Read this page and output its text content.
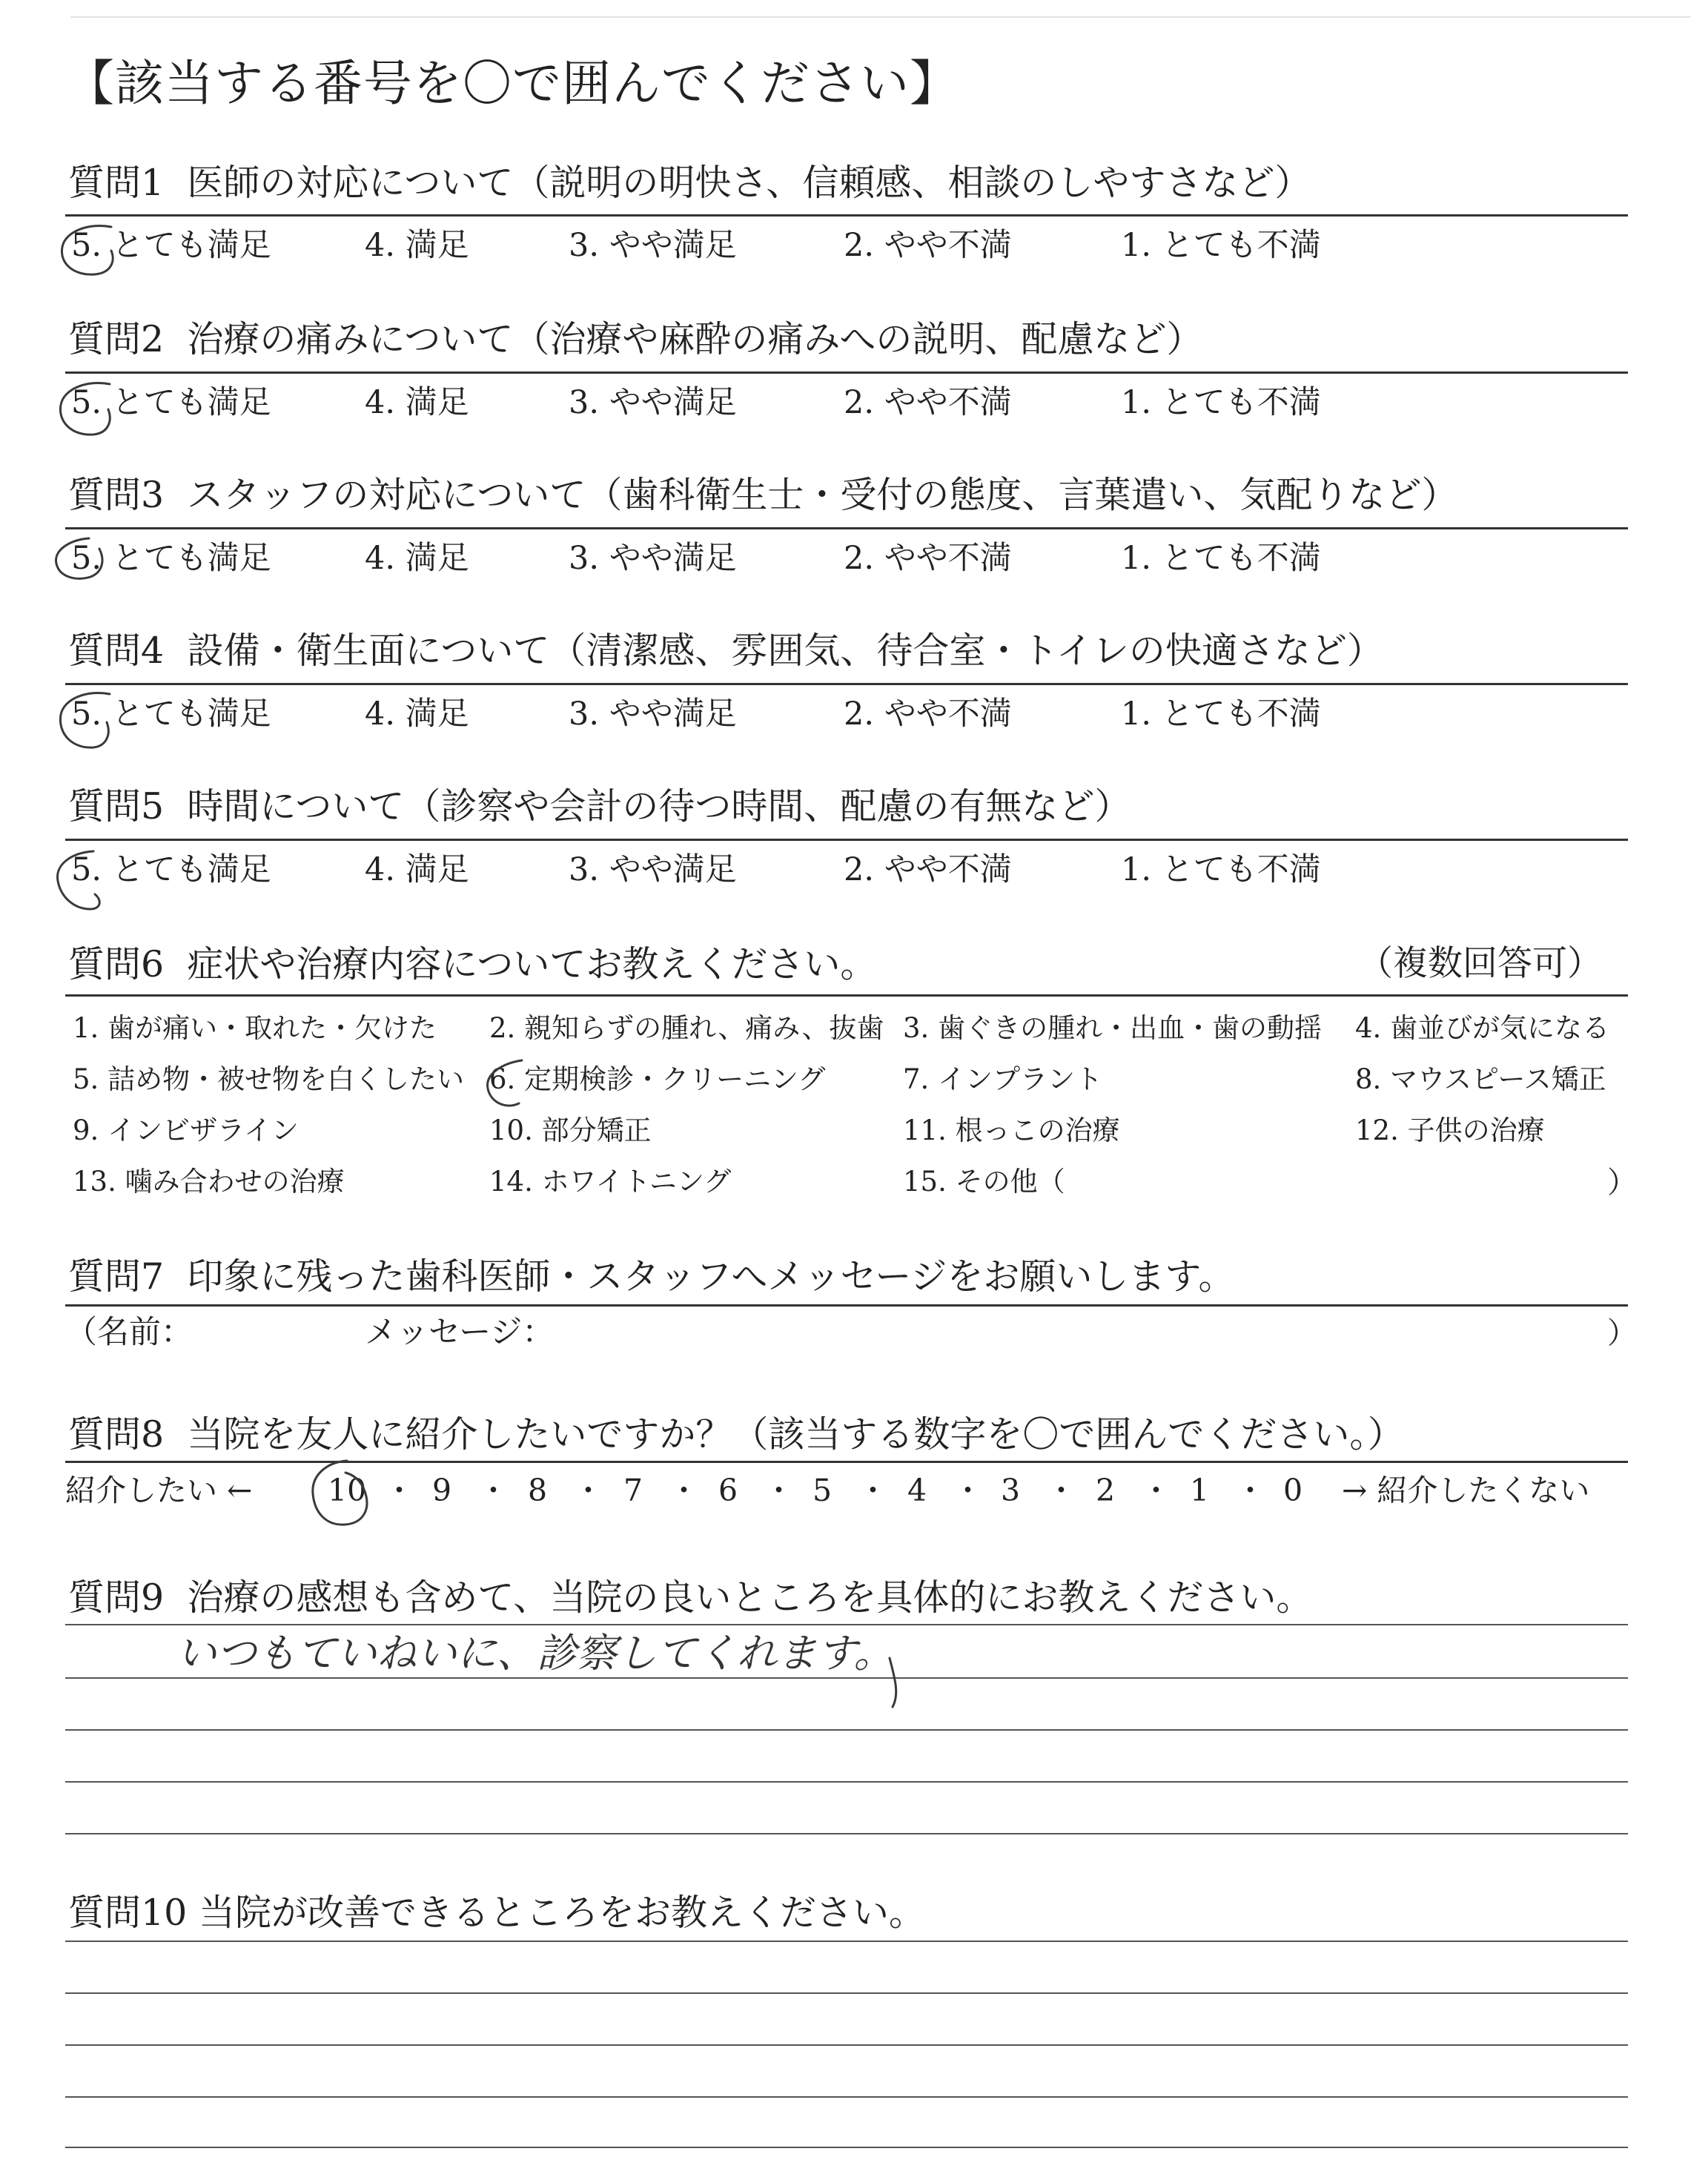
【該当する番号を〇で囲んでください】
質問1 医師の対応について（説明の明快さ、信頼感、相談のしやすさなど）
5. とても満足	4. 満足	3. やや満足	2. やや不満	1. とても不満
質問2 治療の痛みについて（治療や麻酔の痛みへの説明、配慮など）
5. とても満足	4. 満足	3. やや満足	2. やや不満	1. とても不満
質問3 スタッフの対応について（歯科衛生士・受付の態度、言葉遣い、気配りなど）
5. とても満足	4. 満足	3. やや満足	2. やや不満	1. とても不満
質問4 設備・衛生面について（清潔感、雰囲気、待合室・トイレの快適さなど）
5. とても満足	4. 満足	3. やや満足	2. やや不満	1. とても不満
質問5 時間について（診察や会計の待つ時間、配慮の有無など）
5. とても満足	4. 満足	3. やや満足	2. やや不満	1. とても不満
質問6 症状や治療内容についてお教えください。	（複数回答可）
1. 歯が痛い・取れた・欠けた 2. 親知らずの腫れ、痛み、抜歯 3. 歯ぐきの腫れ・出血・歯の動揺 4. 歯並びが気になる
5. 詰め物・被せ物を白くしたい 6. 定期検診・クリーニング	7. インプラント	8. マウスピース矯正
9. インビザライン	10. 部分矯正	11. 根っこの治療	12. 子供の治療
13. 噛み合わせの治療	14. ホワイトニング	15. その他（	）
質問7 印象に残った歯科医師・スタッフへメッセージをお願いします。
（名前：	メッセージ：	）
質問8 当院を友人に紹介したいですか？（該当する数字を〇で囲んでください。）
紹介したい ←	→ 紹介したくない
10 ・ 9 ・ 8 ・ 7 ・ 6 ・ 5 ・ 4 ・ 3 ・ 2 ・ 1 ・ 0
質問9 治療の感想も含めて、当院の良いところを具体的にお教えください。
いつもていねいに、診察してくれます。
質問10 当院が改善できるところをお教えください。
